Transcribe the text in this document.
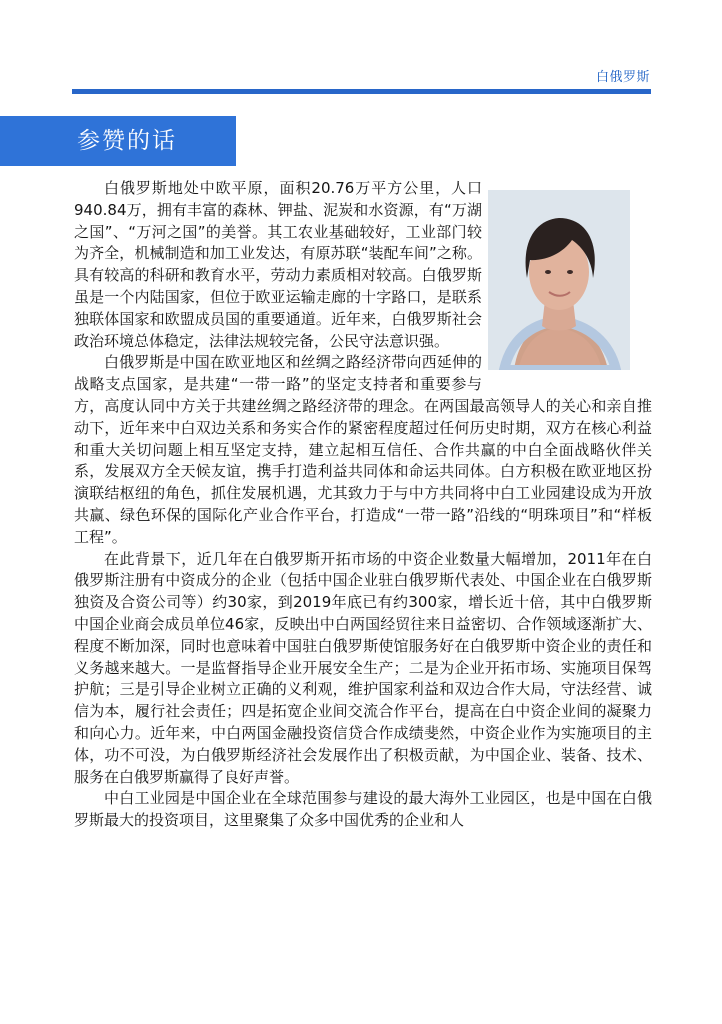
白俄罗斯
参赞的话

白俄罗斯地处中欧平原，面积20.76万平方公里，人口940.84万，拥有丰富的森林、钾盐、泥炭和水资源，有“万湖之国”、“万河之国”的美誉。其工农业基础较好，工业部门较为齐全，机械制造和加工业发达，有原苏联“装配车间”之称。具有较高的科研和教育水平，劳动力素质相对较高。白俄罗斯虽是一个内陆国家，但位于欧亚运输走廊的十字路口，是联系独联体国家和欧盟成员国的重要通道。近年来，白俄罗斯社会政治环境总体稳定，法律法规较完备，公民守法意识强。

白俄罗斯是中国在欧亚地区和丝绸之路经济带向西延伸的战略支点国家，是共建“一带一路”的坚定支持者和重要参与方，高度认同中方关于共建丝绸之路经济带的理念。在两国最高领导人的关心和亲自推动下，近年来中白双边关系和务实合作的紧密程度超过任何历史时期，双方在核心利益和重大关切问题上相互坚定支持，建立起相互信任、合作共赢的中白全面战略伙伴关系，发展双方全天候友谊，携手打造利益共同体和命运共同体。白方积极在欧亚地区扮演联结枢纽的角色，抓住发展机遇，尤其致力于与中方共同将中白工业园建设成为开放共赢、绿色环保的国际化产业合作平台，打造成“一带一路”沿线的“明珠项目”和“样板工程”。

在此背景下，近几年在白俄罗斯开拓市场的中资企业数量大幅增加，2011年在白俄罗斯注册有中资成分的企业（包括中国企业驻白俄罗斯代表处、中国企业在白俄罗斯独资及合资公司等）约30家，到2019年底已有约300家，增长近十倍，其中白俄罗斯中国企业商会成员单位46家，反映出中白两国经贸往来日益密切、合作领域逐渐扩大、程度不断加深，同时也意味着中国驻白俄罗斯使馆服务好在白俄罗斯中资企业的责任和义务越来越大。一是监督指导企业开展安全生产；二是为企业开拓市场、实施项目保驾护航；三是引导企业树立正确的义利观，维护国家利益和双边合作大局，守法经营、诚信为本，履行社会责任；四是拓宽企业间交流合作平台，提高在白中资企业间的凝聚力和向心力。近年来，中白两国金融投资信贷合作成绩斐然，中资企业作为实施项目的主体，功不可没，为白俄罗斯经济社会发展作出了积极贡献，为中国企业、装备、技术、服务在白俄罗斯赢得了良好声誉。

中白工业园是中国企业在全球范围参与建设的最大海外工业园区，也是中国在白俄罗斯最大的投资项目，这里聚集了众多中国优秀的企业和人
